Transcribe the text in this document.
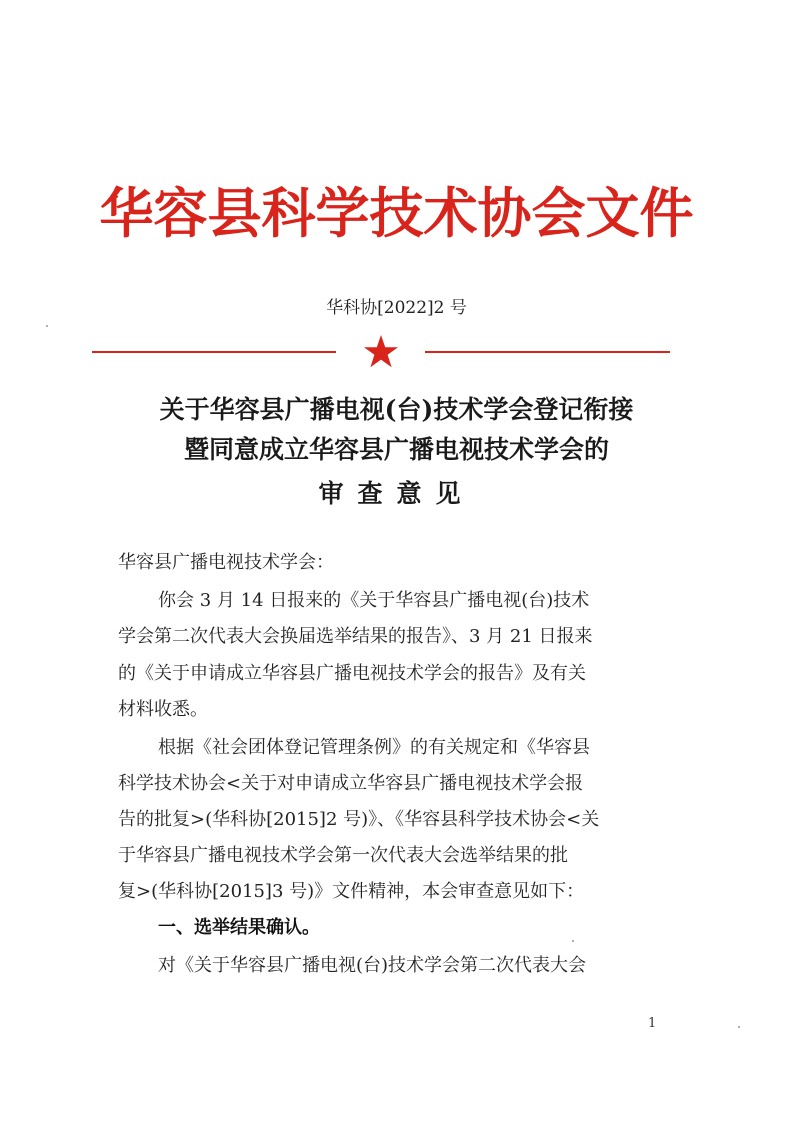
华容县科学技术协会文件
华科协[2022]2 号
关于华容县广播电视(台)技术学会登记衔接
暨同意成立华容县广播电视技术学会的
审查意见
华容县广播电视技术学会：
你会 3 月 14 日报来的《关于华容县广播电视(台)技术
学会第二次代表大会换届选举结果的报告》、3 月 21 日报来
的《关于申请成立华容县广播电视技术学会的报告》及有关
材料收悉。
根据《社会团体登记管理条例》的有关规定和《华容县
科学技术协会<关于对申请成立华容县广播电视技术学会报
告的批复>(华科协[2015]2 号)》、《华容县科学技术协会<关
于华容县广播电视技术学会第一次代表大会选举结果的批
复>(华科协[2015]3 号)》文件精神，本会审查意见如下：
一、选举结果确认。
对《关于华容县广播电视(台)技术学会第二次代表大会
1
